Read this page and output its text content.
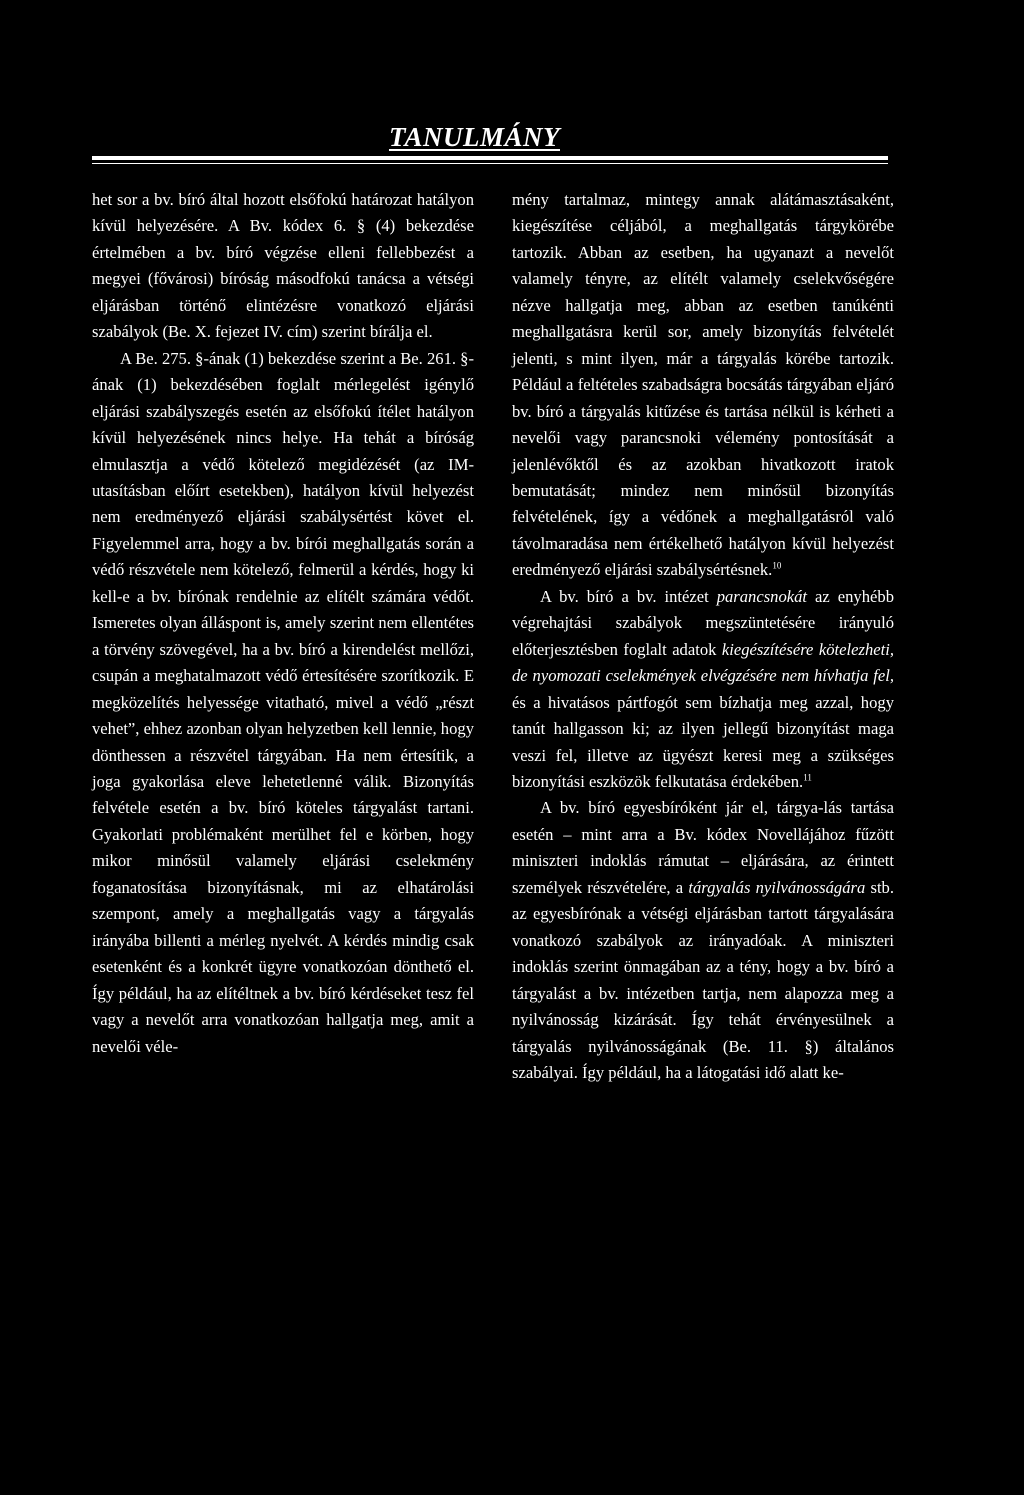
TANULMÁNY

het sor a bv. bíró által hozott elsőfokú határozat hatályon kívül helyezésére. A Bv. kódex 6. § (4) bekezdése értelmében a bv. bíró végzése elleni fellebbezést a megyei (fővárosi) bíróság másodfokú tanácsa a vétségi eljárásban történő elintézésre vonatkozó eljárási szabályok (Be. X. fejezet IV. cím) szerint bírálja el.

A Be. 275. §-ának (1) bekezdése szerint a Be. 261. §-ának (1) bekezdésében foglalt mérlegelést igénylő eljárási szabályszegés esetén az elsőfokú ítélet hatályon kívül helyezésének nincs helye. Ha tehát a bíróság elmulasztja a védő kötelező megidézését (az IM-utasításban előírt esetekben), hatályon kívül helyezést nem eredményező eljárási szabálysértést követ el. Figyelemmel arra, hogy a bv. bírói meghallgatás során a védő részvétele nem kötelező, felmerül a kérdés, hogy ki kell-e a bv. bírónak rendelnie az elítélt számára védőt. Ismeretes olyan álláspont is, amely szerint nem ellentétes a törvény szövegével, ha a bv. bíró a kirendelést mellőzi, csupán a meghatalmazott védő értesítésére szorítkozik. E megközelítés helyessége vitatható, mivel a védő „részt vehet”, ehhez azonban olyan helyzetben kell lennie, hogy dönthessen a részvétel tárgyában. Ha nem értesítik, a joga gyakorlása eleve lehetetlenné válik. Bizonyítás felvétele esetén a bv. bíró köteles tárgyalást tartani. Gyakorlati problémaként merülhet fel e körben, hogy mikor minősül valamely eljárási cselekmény foganatosítása bizonyításnak, mi az elhatárolási szempont, amely a meghallgatás vagy a tárgyalás irányába billenti a mérleg nyelvét. A kérdés mindig csak esetenként és a konkrét ügyre vonatkozóan dönthető el. Így például, ha az elítéltnek a bv. bíró kérdéseket tesz fel vagy a nevelőt arra vonatkozóan hallgatja meg, amit a nevelői véle-

mény tartalmaz, mintegy annak alátámasztásaként, kiegészítése céljából, a meghallgatás tárgykörébe tartozik. Abban az esetben, ha ugyanazt a nevelőt valamely tényre, az elítélt valamely cselekvőségére nézve hallgatja meg, abban az esetben tanúkénti meghallgatásra kerül sor, amely bizonyítás felvételét jelenti, s mint ilyen, már a tárgyalás körébe tartozik. Például a feltételes szabadságra bocsátás tárgyában eljáró bv. bíró a tárgyalás kitűzése és tartása nélkül is kérheti a nevelői vagy parancsnoki vélemény pontosítását a jelenlévőktől és az azokban hivatkozott iratok bemutatását; mindez nem minősül bizonyítás felvételének, így a védőnek a meghallgatásról való távolmaradása nem értékelhető hatályon kívül helyezést eredményező eljárási szabálysértésnek.$^{10}$

A bv. bíró a bv. intézet parancsnokát az enyhébb végrehajtási szabályok megszüntetésére irányuló előterjesztésben foglalt adatok kiegészítésére kötelezheti, de nyomozati cselekmények elvégzésére nem hívhatja fel, és a hivatásos pártfogót sem bízhatja meg azzal, hogy tanút hallgasson ki; az ilyen jellegű bizonyítást maga veszi fel, illetve az ügyészt keresi meg a szükséges bizonyítási eszközök felkutatása érdekében.$^{11}$

A bv. bíró egyesbíróként jár el, tárgya-lás tartása esetén – mint arra a Bv. kódex Novellájához fűzött miniszteri indoklás rámutat – eljárására, az érintett személyek részvételére, a tárgyalás nyilvánosságára stb. az egyesbírónak a vétségi eljárásban tartott tárgyalására vonatkozó szabályok az irányadóak. A miniszteri indoklás szerint önmagában az a tény, hogy a bv. bíró a tárgyalást a bv. intézetben tartja, nem alapozza meg a nyilvánosság kizárását. Így tehát érvényesülnek a tárgyalás nyilvánosságának (Be. 11. §) általános szabályai. Így például, ha a látogatási idő alatt ke-
